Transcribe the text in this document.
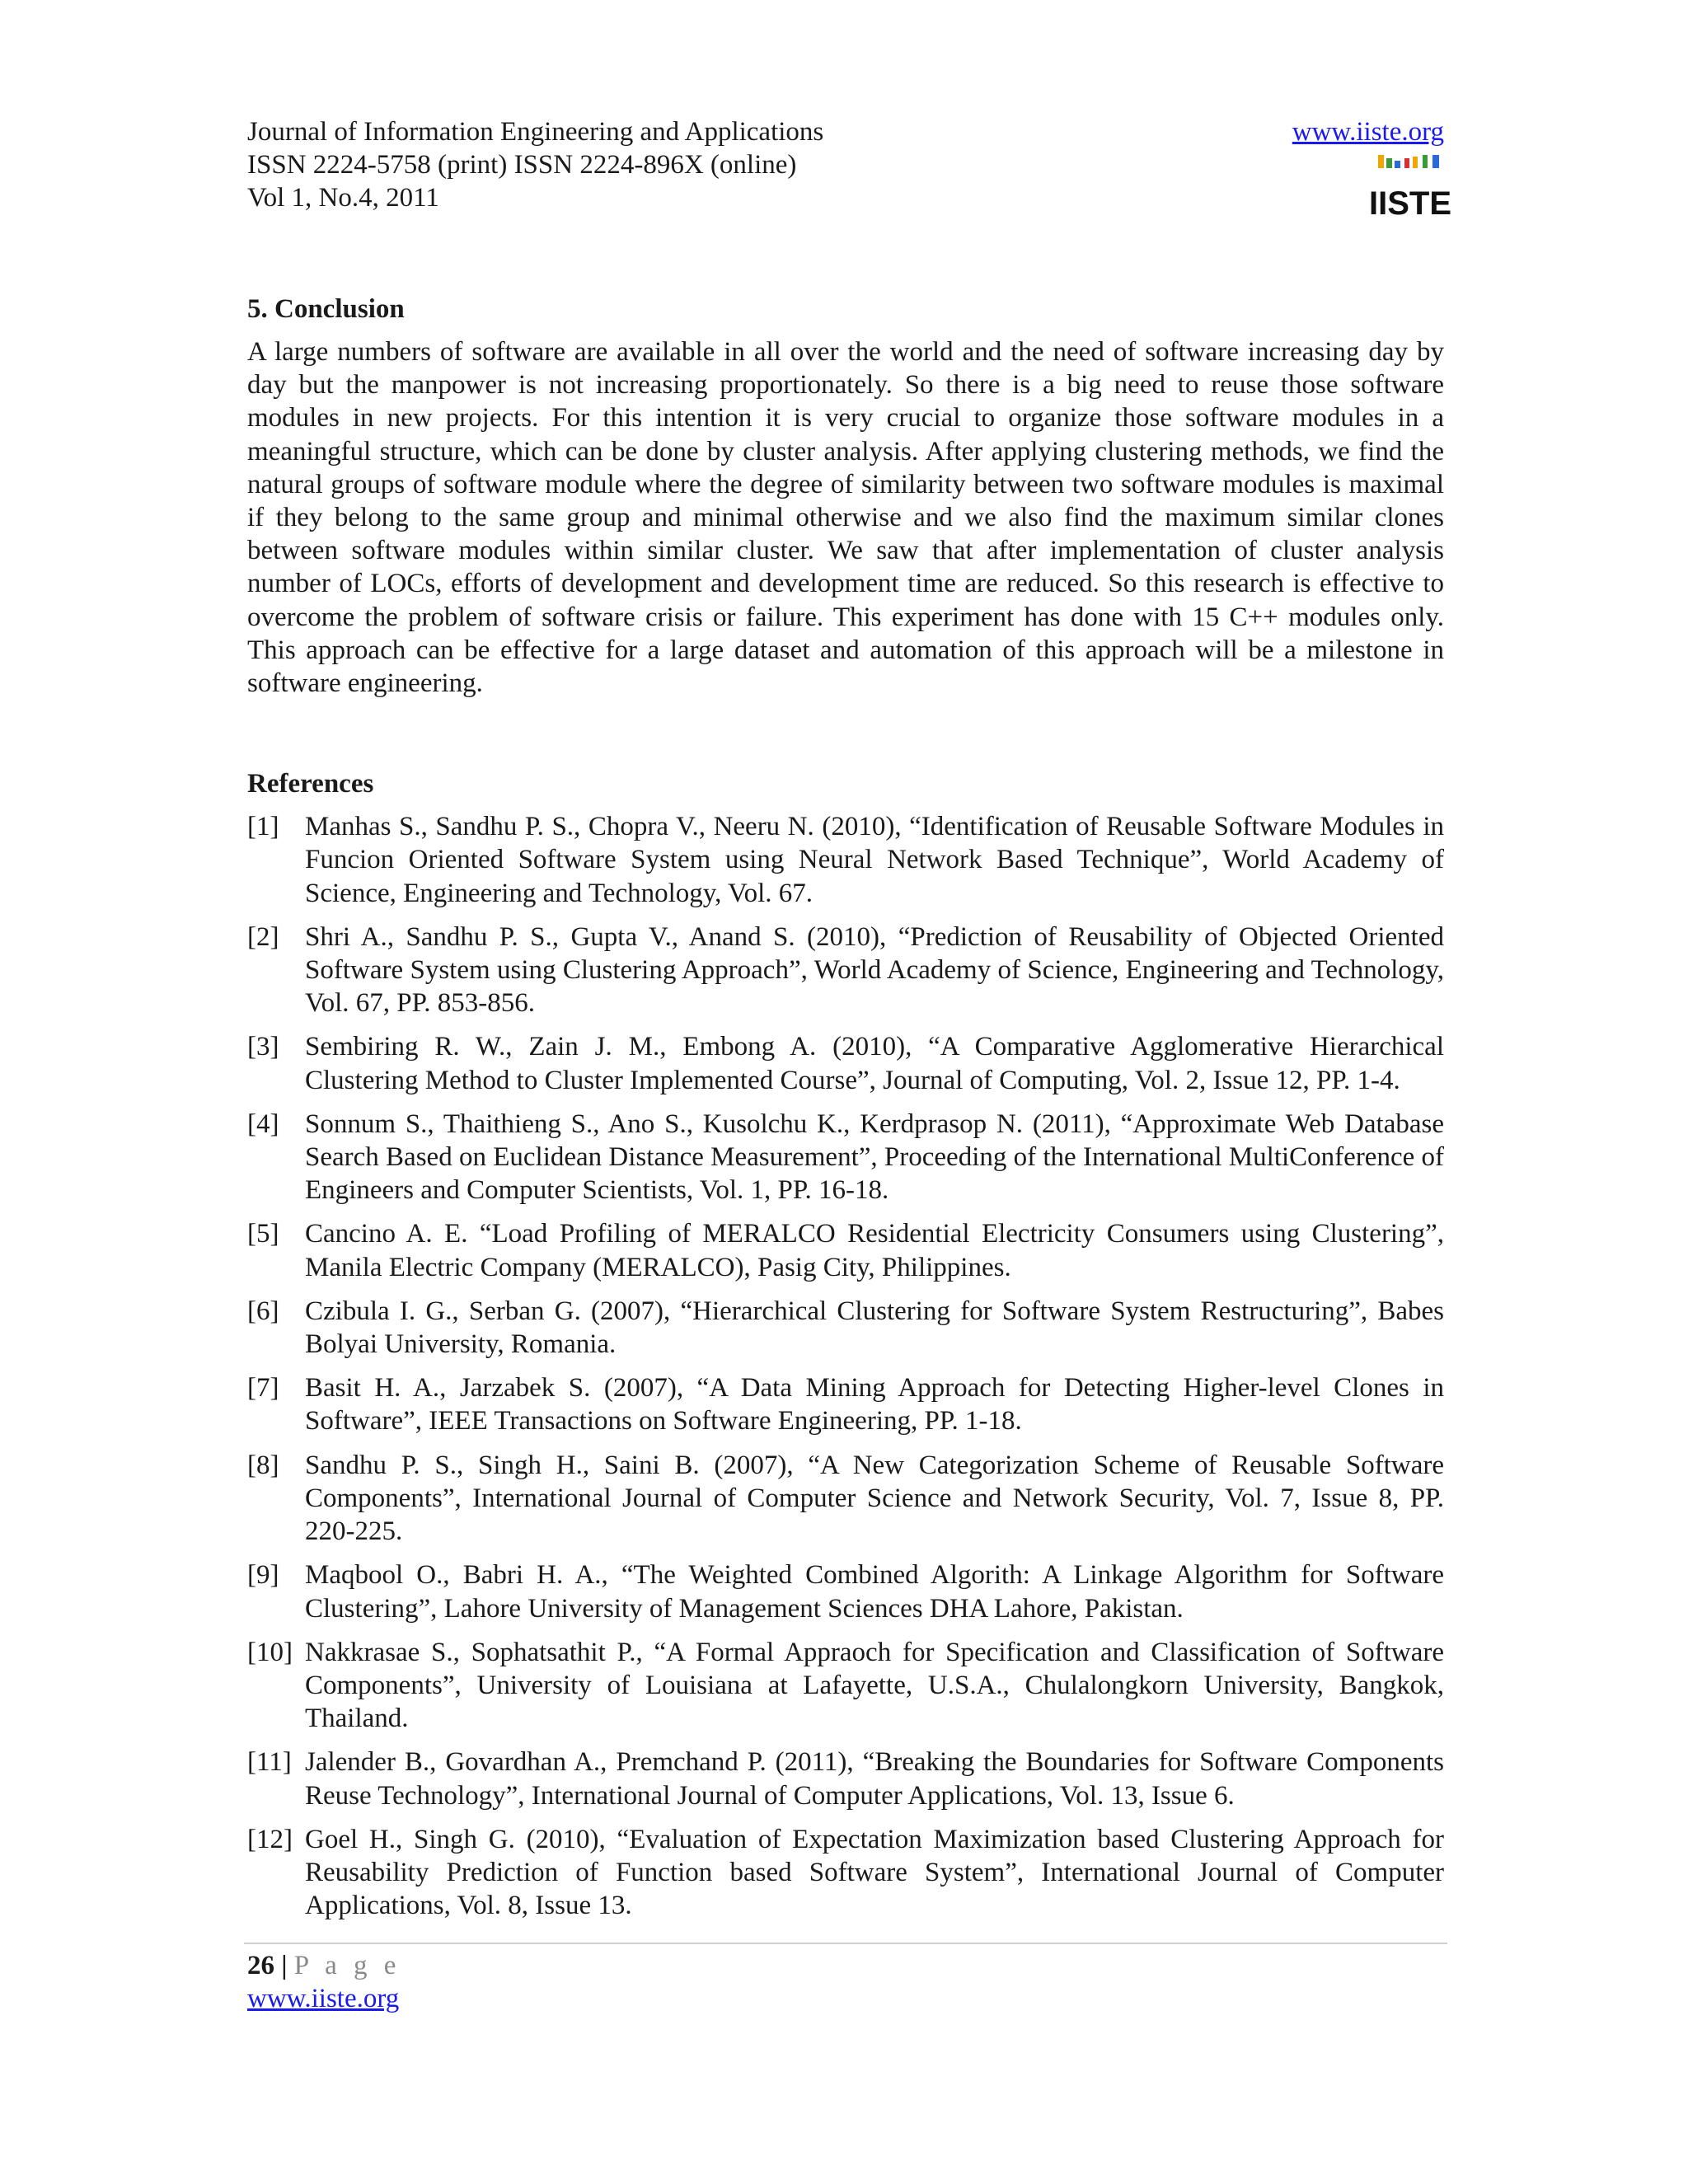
Journal of Information Engineering and Applications
ISSN 2224-5758 (print) ISSN 2224-896X (online)
Vol 1, No.4, 2011
www.iiste.org
IISTE
5. Conclusion

A large numbers of software are available in all over the world and the need of software increasing day by day but the manpower is not increasing proportionately. So there is a big need to reuse those software modules in new projects. For this intention it is very crucial to organize those software modules in a meaningful structure, which can be done by cluster analysis. After applying clustering methods, we find the natural groups of software module where the degree of similarity between two software modules is maximal if they belong to the same group and minimal otherwise and we also find the maximum similar clones between software modules within similar cluster. We saw that after implementation of cluster analysis number of LOCs, efforts of development and development time are reduced. So this research is effective to overcome the problem of software crisis or failure. This experiment has done with 15 C++ modules only. This approach can be effective for a large dataset and automation of this approach will be a milestone in software engineering.

References
[1] Manhas S., Sandhu P. S., Chopra V., Neeru N. (2010), “Identification of Reusable Software Modules in Funcion Oriented Software System using Neural Network Based Technique”, World Academy of Science, Engineering and Technology, Vol. 67.
[2] Shri A., Sandhu P. S., Gupta V., Anand S. (2010), “Prediction of Reusability of Objected Oriented Software System using Clustering Approach”, World Academy of Science, Engineering and Technology, Vol. 67, PP. 853-856.
[3] Sembiring R. W., Zain J. M., Embong A. (2010), “A Comparative Agglomerative Hierarchical Clustering Method to Cluster Implemented Course”, Journal of Computing, Vol. 2, Issue 12, PP. 1-4.
[4] Sonnum S., Thaithieng S., Ano S., Kusolchu K., Kerdprasop N. (2011), “Approximate Web Database Search Based on Euclidean Distance Measurement”, Proceeding of the International MultiConference of Engineers and Computer Scientists, Vol. 1, PP. 16-18.
[5] Cancino A. E. “Load Profiling of MERALCO Residential Electricity Consumers using Clustering”, Manila Electric Company (MERALCO), Pasig City, Philippines.
[6] Czibula I. G., Serban G. (2007), “Hierarchical Clustering for Software System Restructuring”, Babes Bolyai University, Romania.
[7] Basit H. A., Jarzabek S. (2007), “A Data Mining Approach for Detecting Higher-level Clones in Software”, IEEE Transactions on Software Engineering, PP. 1-18.
[8] Sandhu P. S., Singh H., Saini B. (2007), “A New Categorization Scheme of Reusable Software Components”, International Journal of Computer Science and Network Security, Vol. 7, Issue 8, PP. 220-225.
[9] Maqbool O., Babri H. A., “The Weighted Combined Algorith: A Linkage Algorithm for Software Clustering”, Lahore University of Management Sciences DHA Lahore, Pakistan.
[10] Nakkrasae S., Sophatsathit P., “A Formal Appraoch for Specification and Classification of Software Components”, University of Louisiana at Lafayette, U.S.A., Chulalongkorn University, Bangkok, Thailand.
[11] Jalender B., Govardhan A., Premchand P. (2011), “Breaking the Boundaries for Software Components Reuse Technology”, International Journal of Computer Applications, Vol. 13, Issue 6.
[12] Goel H., Singh G. (2010), “Evaluation of Expectation Maximization based Clustering Approach for Reusability Prediction of Function based Software System”, International Journal of Computer Applications, Vol. 8, Issue 13.
26 | P a g e
www.iiste.org
